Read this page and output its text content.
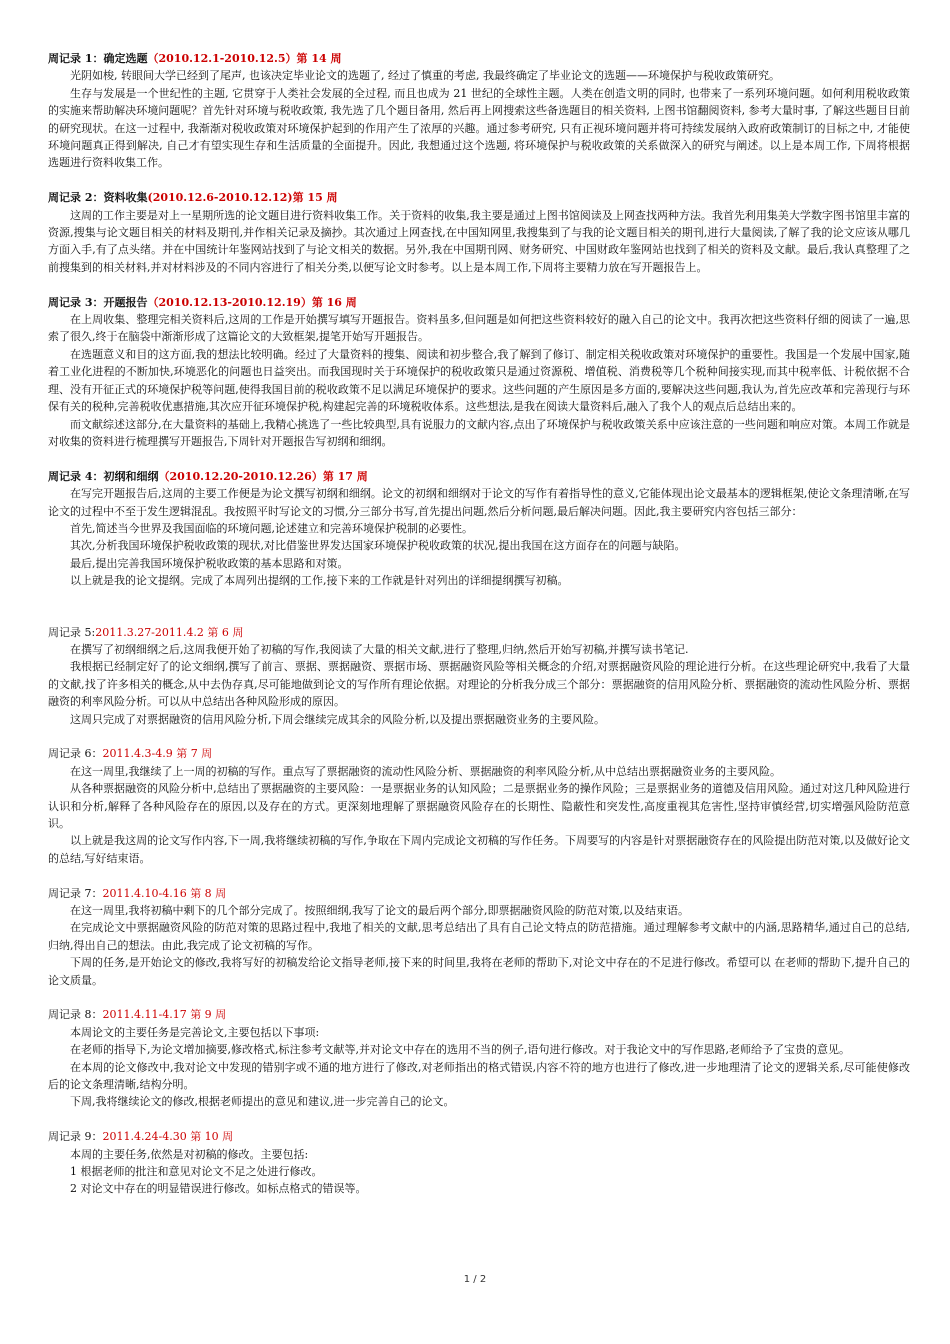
周记录 1：确定选题（2010.12.1-2010.12.5）第 14 周

光阴如梭, 转眼间大学已经到了尾声, 也该决定毕业论文的选题了, 经过了慎重的考虑, 我最终确定了毕业论文的选题——环境保护与税收政策研究。

生存与发展是一个世纪性的主题, 它贯穿于人类社会发展的全过程, 而且也成为 21 世纪的全球性主题。人类在创造文明的同时, 也带来了一系列环境问题。如何利用税收政策的实施来帮助解决环境问题呢？首先针对环境与税收政策, 我先选了几个题目备用, 然后再上网搜索这些备选题目的相关资料, 上图书馆翻阅资料, 参考大量时事, 了解这些题目目前的研究现状。在这一过程中, 我渐渐对税收政策对环境保护起到的作用产生了浓厚的兴趣。通过参考研究, 只有正视环境问题并将可持续发展纳入政府政策制订的目标之中, 才能使环境问题真正得到解决, 自己才有望实现生存和生活质量的全面提升。因此, 我想通过这个选题, 将环境保护与税收政策的关系做深入的研究与阐述。以上是本周工作, 下周将根据选题进行资料收集工作。

周记录 2：资料收集(2010.12.6-2010.12.12)第 15 周

这周的工作主要是对上一星期所选的论文题目进行资料收集工作。关于资料的收集,我主要是通过上图书馆阅读及上网查找两种方法。我首先利用集美大学数字图书馆里丰富的资源,搜集与论文题目相关的材料及期刊,并作相关记录及摘抄。其次通过上网查找,在中国知网里,我搜集到了与我的论文题目相关的期刊,进行大量阅读,了解了我的论文应该从哪几方面入手,有了点头绪。并在中国统计年鉴网站找到了与论文相关的数据。另外,我在中国期刊网、财务研究、中国财政年鉴网站也找到了相关的资料及文献。最后,我认真整理了之前搜集到的相关材料,并对材料涉及的不同内容进行了相关分类,以便写论文时参考。以上是本周工作,下周将主要精力放在写开题报告上。

周记录 3：开题报告（2010.12.13-2010.12.19）第 16 周

在上周收集、整理完相关资料后,这周的工作是开始撰写填写开题报告。资料虽多,但问题是如何把这些资料较好的融入自己的论文中。我再次把这些资料仔细的阅读了一遍,思索了很久,终于在脑袋中渐渐形成了这篇论文的大致框架,提笔开始写开题报告。

在选题意义和目的这方面,我的想法比较明确。经过了大量资料的搜集、阅读和初步整合,我了解到了修订、制定相关税收政策对环境保护的重要性。我国是一个发展中国家,随着工业化进程的不断加快,环境恶化的问题也日益突出。而我国现时关于环境保护的税收政策只是通过资源税、增值税、消费税等几个税种间接实现,而其中税率低、计税依据不合理、没有开征正式的环境保护税等问题,使得我国目前的税收政策不足以满足环境保护的要求。这些问题的产生原因是多方面的,要解决这些问题,我认为,首先应改革和完善现行与环保有关的税种,完善税收优惠措施,其次应开征环境保护税,构建起完善的环境税收体系。这些想法,是我在阅读大量资料后,融入了我个人的观点后总结出来的。

而文献综述这部分,在大量资料的基础上,我精心挑选了一些比较典型,具有说服力的文献内容,点出了环境保护与税收政策关系中应该注意的一些问题和响应对策。本周工作就是对收集的资料进行梳理撰写开题报告,下周针对开题报告写初纲和细纲。

周记录 4：初纲和细纲（2010.12.20-2010.12.26）第 17 周

在写完开题报告后,这周的主要工作便是为论文撰写初纲和细纲。论文的初纲和细纲对于论文的写作有着指导性的意义,它能体现出论文最基本的逻辑框架,使论文条理清晰,在写论文的过程中不至于发生逻辑混乱。我按照平时写论文的习惯,分三部分书写,首先提出问题,然后分析问题,最后解决问题。因此,我主要研究内容包括三部分：

首先,简述当今世界及我国面临的环境问题,论述建立和完善环境保护税制的必要性。

其次,分析我国环境保护税收政策的现状,对比借鉴世界发达国家环境保护税收政策的状况,提出我国在这方面存在的问题与缺陷。

最后,提出完善我国环境保护税收政策的基本思路和对策。

以上就是我的论文提纲。完成了本周列出提纲的工作,接下来的工作就是针对列出的详细提纲撰写初稿。

周记录 5:2011.3.27-2011.4.2 第 6 周

在撰写了初纲细纲之后,这周我便开始了初稿的写作,我阅读了大量的相关文献,进行了整理,归纳,然后开始写初稿,并撰写读书笔记.

我根据已经制定好了的论文细纲,撰写了前言、票据、票据融资、票据市场、票据融资风险等相关概念的介绍,对票据融资风险的理论进行分析。在这些理论研究中,我看了大量的文献,找了许多相关的概念,从中去伪存真,尽可能地做到论文的写作所有理论依据。对理论的分析我分成三个部分：票据融资的信用风险分析、票据融资的流动性风险分析、票据融资的利率风险分析。可以从中总结出各种风险形成的原因。

这周只完成了对票据融资的信用风险分析,下周会继续完成其余的风险分析,以及提出票据融资业务的主要风险。

周记录 6：2011.4.3-4.9 第 7 周

在这一周里,我继续了上一周的初稿的写作。重点写了票据融资的流动性风险分析、票据融资的利率风险分析,从中总结出票据融资业务的主要风险。

从各种票据融资的风险分析中,总结出了票据融资的主要风险：一是票据业务的认知风险；二是票据业务的操作风险；三是票据业务的道德及信用风险。通过对这几种风险进行认识和分析,解释了各种风险存在的原因,以及存在的方式。更深刻地理解了票据融资风险存在的长期性、隐蔽性和突发性,高度重视其危害性,坚持审慎经营,切实增强风险防范意识。

以上就是我这周的论文写作内容,下一周,我将继续初稿的写作,争取在下周内完成论文初稿的写作任务。下周要写的内容是针对票据融资存在的风险提出防范对策,以及做好论文的总结,写好结束语。

周记录 7：2011.4.10-4.16 第 8 周

在这一周里,我将初稿中剩下的几个部分完成了。按照细纲,我写了论文的最后两个部分,即票据融资风险的防范对策,以及结束语。

在完成论文中票据融资风险的防范对策的思路过程中,我地了相关的文献,思考总结出了具有自己论文特点的防范措施。通过理解参考文献中的内涵,思路精华,通过自己的总结,归纳,得出自己的想法。由此,我完成了论文初稿的写作。

下周的任务,是开始论文的修改,我将写好的初稿发给论文指导老师,接下来的时间里,我将在老师的帮助下,对论文中存在的不足进行修改。希望可以 在老师的帮助下,提升自己的论文质量。

周记录 8：2011.4.11-4.17 第 9 周

本周论文的主要任务是完善论文,主要包括以下事项:

在老师的指导下,为论文增加摘要,修改格式,标注参考文献等,并对论文中存在的选用不当的例子,语句进行修改。对于我论文中的写作思路,老师给予了宝贵的意见。

在本周的论文修改中,我对论文中发现的错别字或不通的地方进行了修改,对老师指出的格式错误,内容不符的地方也进行了修改,进一步地理清了论文的逻辑关系,尽可能使修改后的论文条理清晰,结构分明。

下周,我将继续论文的修改,根据老师提出的意见和建议,进一步完善自己的论文。

周记录 9：2011.4.24-4.30 第 10 周

本周的主要任务,依然是对初稿的修改。主要包括:

1 根据老师的批注和意见对论文不足之处进行修改。

2 对论文中存在的明显错误进行修改。如标点格式的错误等。

1 / 2
